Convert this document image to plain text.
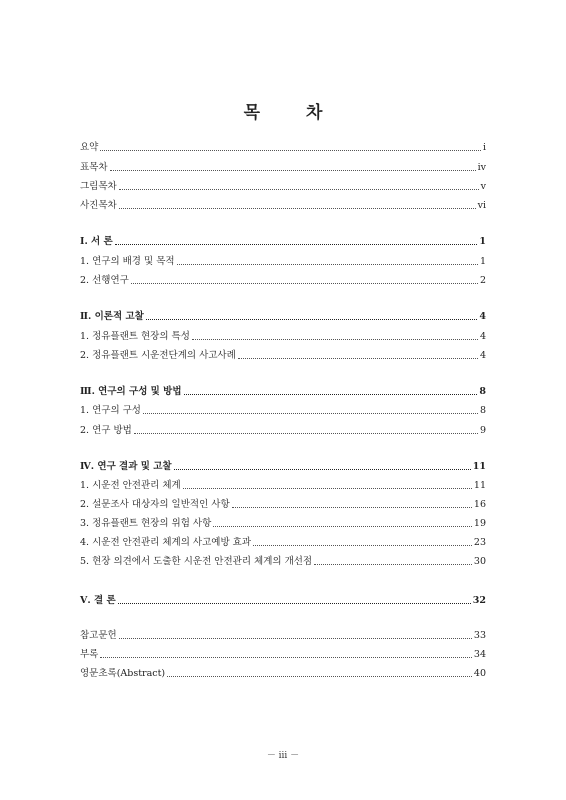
목 차
요약	i
표목차	iv
그림목차	v
사진목차	vi
Ⅰ. 서 론	1
1. 연구의 배경 및 목적	1
2. 선행연구	2
Ⅱ. 이론적 고찰	4
1. 정유플랜트 현장의 특성	4
2. 정유플랜트 시운전단계의 사고사례	4
Ⅲ. 연구의 구성 및 방법	8
1. 연구의 구성	8
2. 연구 방법	9
Ⅳ. 연구 결과 및 고찰	11
1. 시운전 안전관리 체계	11
2. 설문조사 대상자의 일반적인 사항	16
3. 정유플랜트 현장의 위험 사항	19
4. 시운전 안전관리 체계의 사고예방 효과	23
5. 현장 의견에서 도출한 시운전 안전관리 체계의 개선점	30
Ⅴ. 결 론	32
참고문헌	33
부록	34
영문초록(Abstract)	40
－ iii －
